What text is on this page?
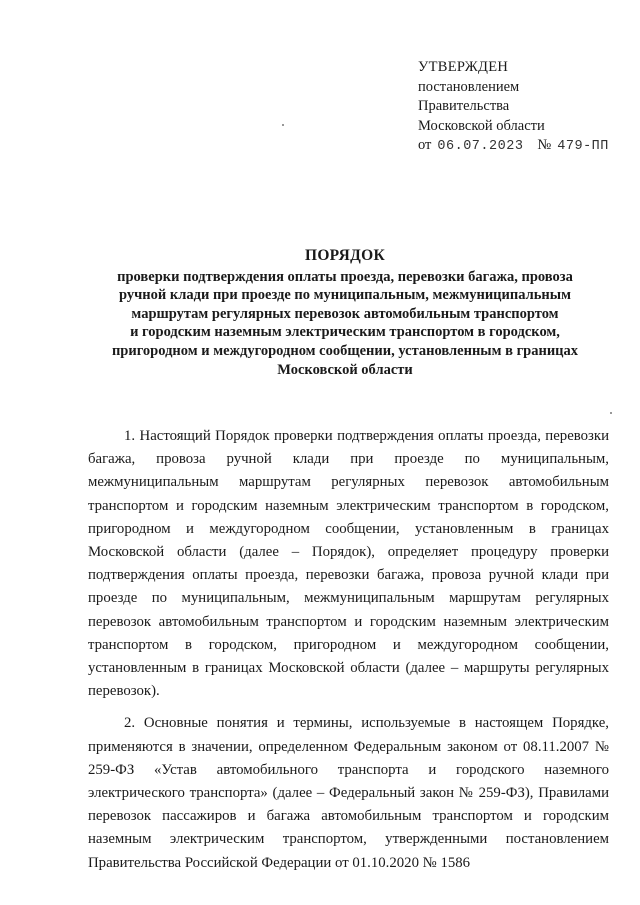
УТВЕРЖДЕН
постановлением
Правительства
Московской области
от 06.07.2023 № 479-ПП
ПОРЯДОК
проверки подтверждения оплаты проезда, перевозки багажа, провоза
ручной клади при проезде по муниципальным, межмуниципальным
маршрутам регулярных перевозок автомобильным транспортом
и городским наземным электрическим транспортом в городском,
пригородном и междугородном сообщении, установленным в границах
Московской области

1. Настоящий Порядок проверки подтверждения оплаты проезда, перевозки багажа, провоза ручной клади при проезде по муниципальным, межмуниципальным маршрутам регулярных перевозок автомобильным транспортом и городским наземным электрическим транспортом в городском, пригородном и междугородном сообщении, установленным в границах Московской области (далее – Порядок), определяет процедуру проверки подтверждения оплаты проезда, перевозки багажа, провоза ручной клади при проезде по муниципальным, межмуниципальным маршрутам регулярных перевозок автомобильным транспортом и городским наземным электрическим транспортом в городском, пригородном и междугородном сообщении, установленным в границах Московской области (далее – маршруты регулярных перевозок).

2. Основные понятия и термины, используемые в настоящем Порядке, применяются в значении, определенном Федеральным законом от 08.11.2007 № 259-ФЗ «Устав автомобильного транспорта и городского наземного электрического транспорта» (далее – Федеральный закон № 259-ФЗ), Правилами перевозок пассажиров и багажа автомобильным транспортом и городским наземным электрическим транспортом, утвержденными постановлением Правительства Российской Федерации от 01.10.2020 № 1586
